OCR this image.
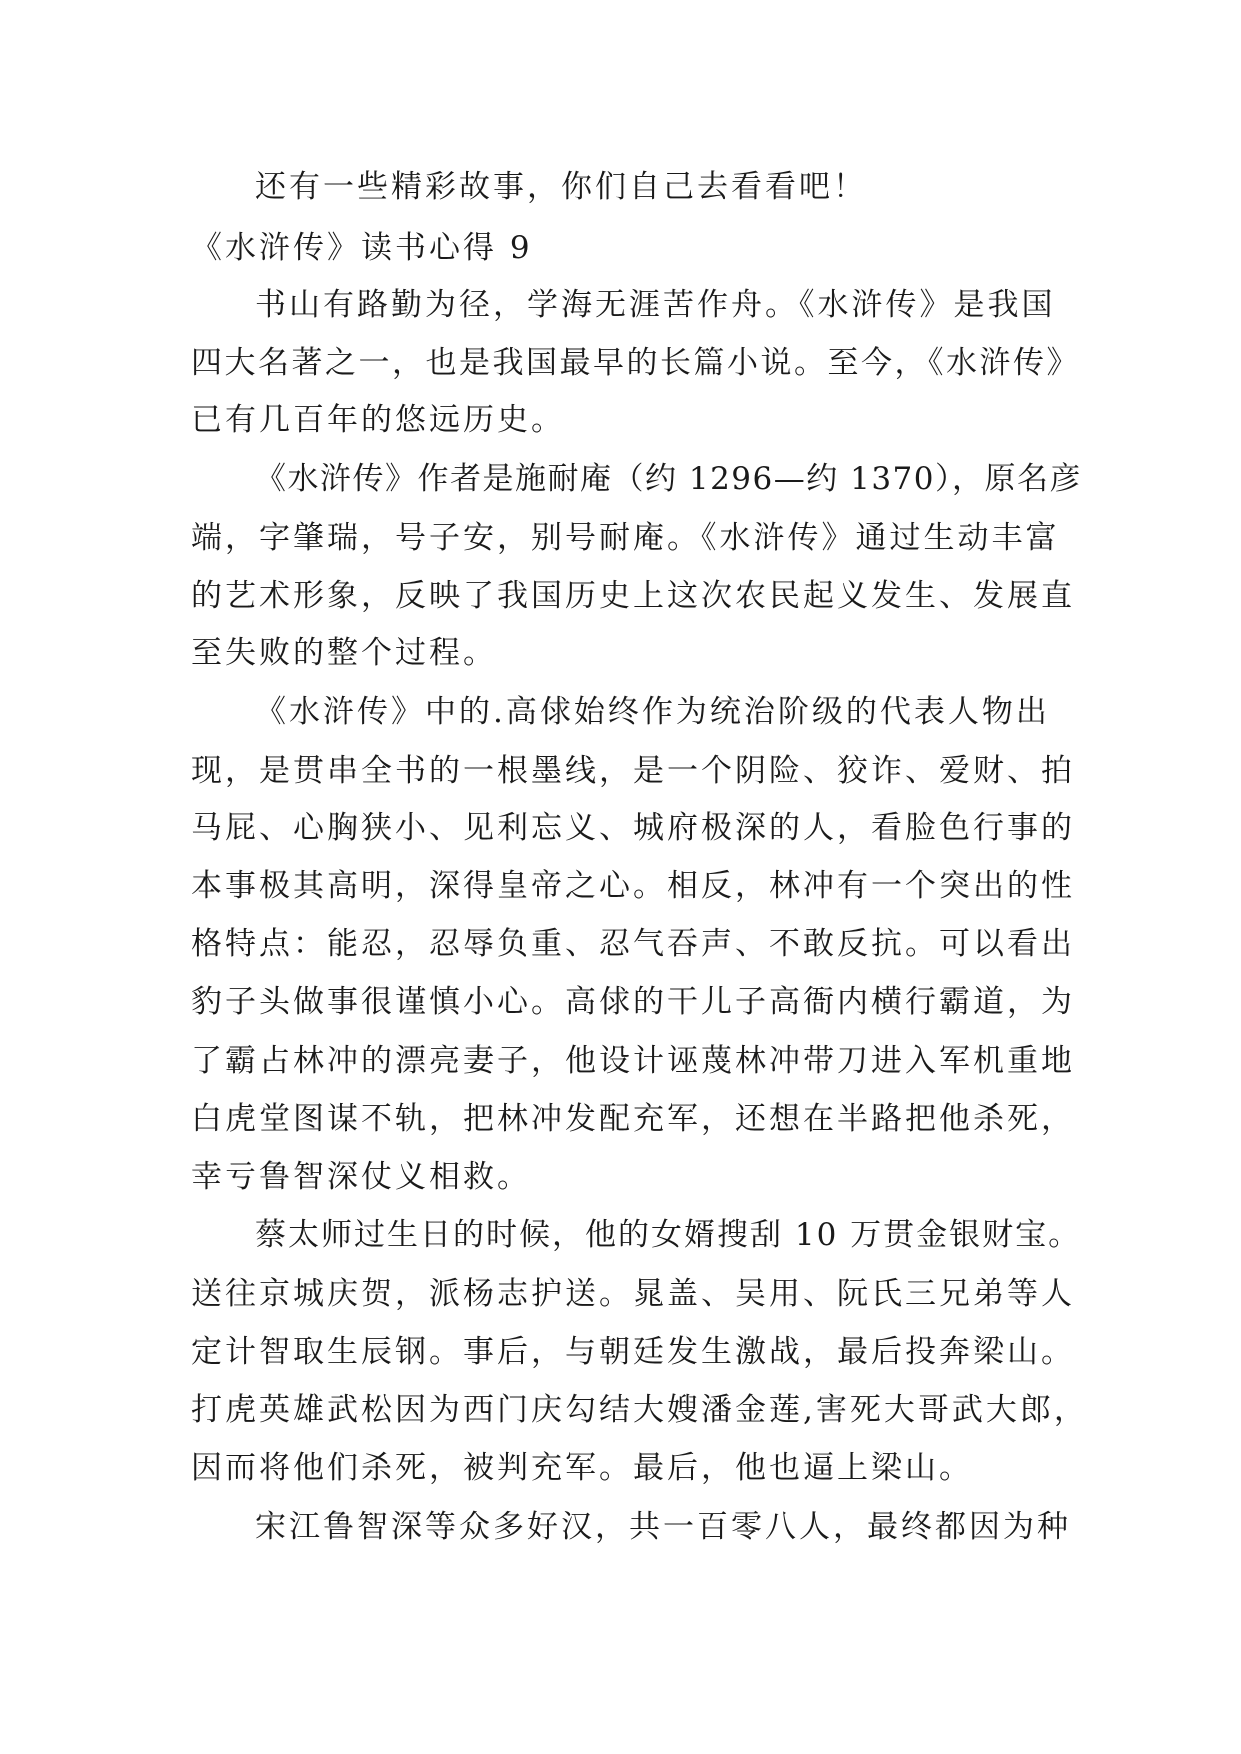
还有一些精彩故事，你们自己去看看吧！
《水浒传》读书心得 9
书山有路勤为径，学海无涯苦作舟。《水浒传》是我国
四大名著之一，也是我国最早的长篇小说。至今，《水浒传》
已有几百年的悠远历史。
《水浒传》作者是施耐庵（约 1296—约 1370），原名彦
端，字肇瑞，号子安，别号耐庵。《水浒传》通过生动丰富
的艺术形象，反映了我国历史上这次农民起义发生、发展直
至失败的整个过程。
《水浒传》中的.高俅始终作为统治阶级的代表人物出
现，是贯串全书的一根墨线，是一个阴险、狡诈、爱财、拍
马屁、心胸狭小、见利忘义、城府极深的人，看脸色行事的
本事极其高明，深得皇帝之心。相反，林冲有一个突出的性
格特点：能忍，忍辱负重、忍气吞声、不敢反抗。可以看出
豹子头做事很谨慎小心。高俅的干儿子高衙内横行霸道，为
了霸占林冲的漂亮妻子，他设计诬蔑林冲带刀进入军机重地
白虎堂图谋不轨，把林冲发配充军，还想在半路把他杀死，
幸亏鲁智深仗义相救。
蔡太师过生日的时候，他的女婿搜刮 10 万贯金银财宝。
送往京城庆贺，派杨志护送。晁盖、吴用、阮氏三兄弟等人
定计智取生辰钢。事后，与朝廷发生激战，最后投奔梁山。
打虎英雄武松因为西门庆勾结大嫂潘金莲,害死大哥武大郎，
因而将他们杀死，被判充军。最后，他也逼上梁山。
宋江鲁智深等众多好汉，共一百零八人，最终都因为种
